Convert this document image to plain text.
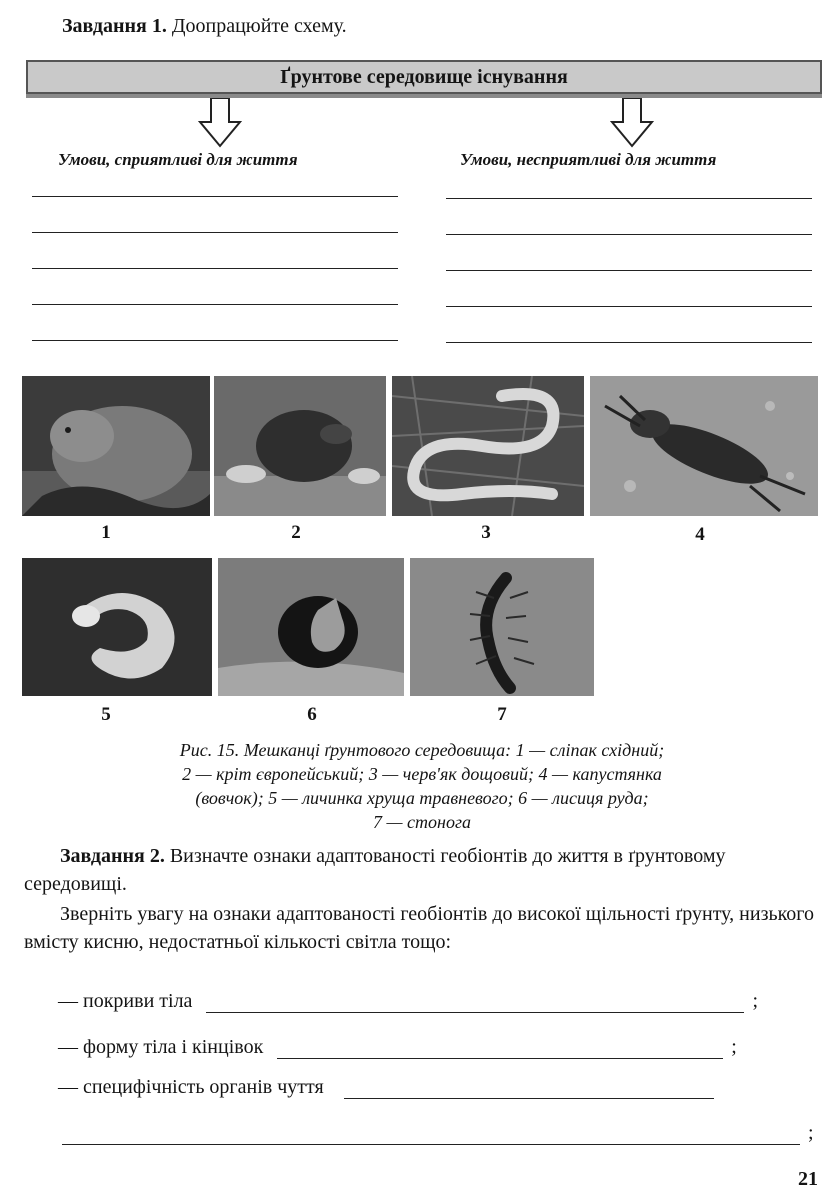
Завдання 1. Доопрацюйте схему.
Ґрунтове середовище існування
Умови, сприятливі для життя	Умови, несприятливі для життя
1	2	3	4
5	6	7
Рис. 15. Мешканці ґрунтового середовища: 1 — сліпак східний;
2 — кріт європейський; 3 — черв'як дощовий; 4 — капустянка
(вовчок); 5 — личинка хруща травневого; 6 — лисиця руда;
7 — стонога
Завдання 2. Визначте ознаки адаптованості геобіонтів до життя в ґрунтовому середовищі.
Зверніть увагу на ознаки адаптованості геобіонтів до високої щільності ґрунту, низького вмісту кисню, недостатньої кількості світла тощо:
— покриви тіла	;
— форму тіла і кінцівок	;
— специфічність органів чуття
;
21
